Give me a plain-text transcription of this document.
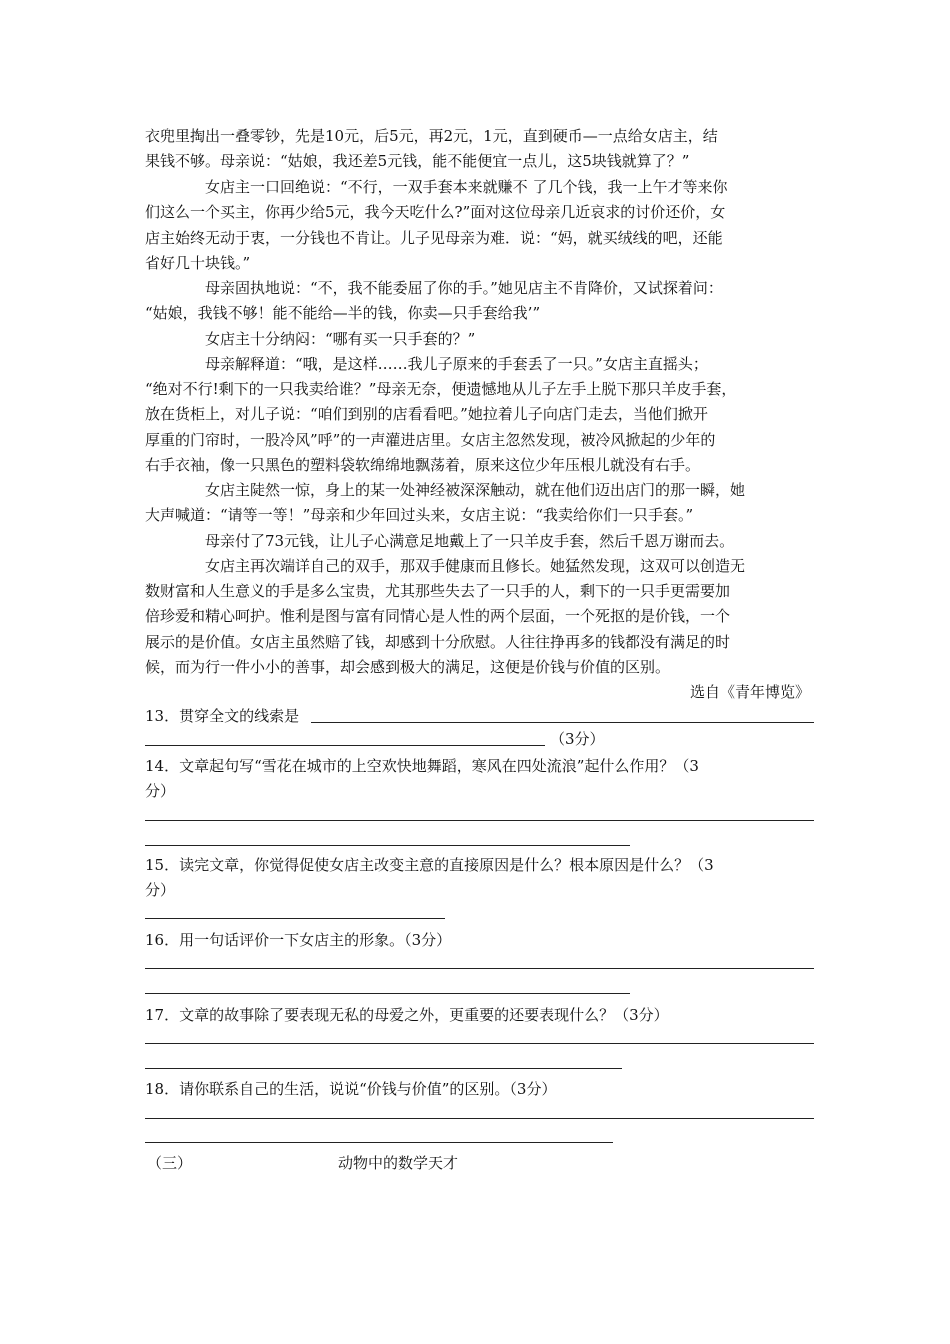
衣兜里掏出一叠零钞，先是10元，后5元，再2元，1元，直到硬币—一点给女店主，结
果钱不够。母亲说：“姑娘，我还差5元钱，能不能便宜一点儿，这5块钱就算了？”
女店主一口回绝说：“不行，一双手套本来就赚不 了几个钱，我一上午才等来你
们这么一个买主，你再少给5元，我今天吃什么?”面对这位母亲几近哀求的讨价还价，女
店主始终无动于衷，一分钱也不肯让。儿子见母亲为难．说：“妈，就买绒线的吧，还能
省好几十块钱。”
母亲固执地说：“不，我不能委屈了你的手。”她见店主不肯降价，又试探着问：
“姑娘，我钱不够！能不能给—半的钱，你卖—只手套给我’”
女店主十分纳闷：“哪有买一只手套的？”
母亲解释道：“哦，是这样……我儿子原来的手套丢了一只。”女店主直摇头；
“绝对不行!剩下的一只我卖给谁？”母亲无奈，便遗憾地从儿子左手上脱下那只羊皮手套，
放在货柜上，对儿子说：“咱们到别的店看看吧。”她拉着儿子向店门走去，当他们掀开
厚重的门帘时，一股冷风”呼”的一声灌进店里。女店主忽然发现，被冷风掀起的少年的
右手衣袖，像一只黑色的塑料袋软绵绵地飘荡着，原来这位少年压根儿就没有右手。
女店主陡然一惊，身上的某一处神经被深深触动，就在他们迈出店门的那一瞬，她
大声喊道：“请等一等！”母亲和少年回过头来，女店主说：“我卖给你们一只手套。”
母亲付了73元钱，让儿子心满意足地戴上了一只羊皮手套，然后千恩万谢而去。
女店主再次端详自己的双手，那双手健康而且修长。她猛然发现，这双可以创造无
数财富和人生意义的手是多么宝贵，尤其那些失去了一只手的人，剩下的一只手更需要加
倍珍爱和精心呵护。惟利是图与富有同情心是人性的两个层面，一个死抠的是价钱，一个
展示的是价值。女店主虽然赔了钱，却感到十分欣慰。人往往挣再多的钱都没有满足的时
候，而为行一件小小的善事，却会感到极大的满足，这便是价钱与价值的区别。
选自《青年博览》
13．贯穿全文的线索是
（3分）
14．文章起句写“雪花在城市的上空欢快地舞蹈，寒风在四处流浪”起什么作用？（3
分）
15．读完文章，你觉得促使女店主改变主意的直接原因是什么？根本原因是什么？（3
分）
16．用一句话评价一下女店主的形象。（3分）
17．文章的故事除了要表现无私的母爱之外，更重要的还要表现什么？（3分）
18．请你联系自己的生活，说说“价钱与价值”的区别。（3分）
（三）	动物中的数学天才
